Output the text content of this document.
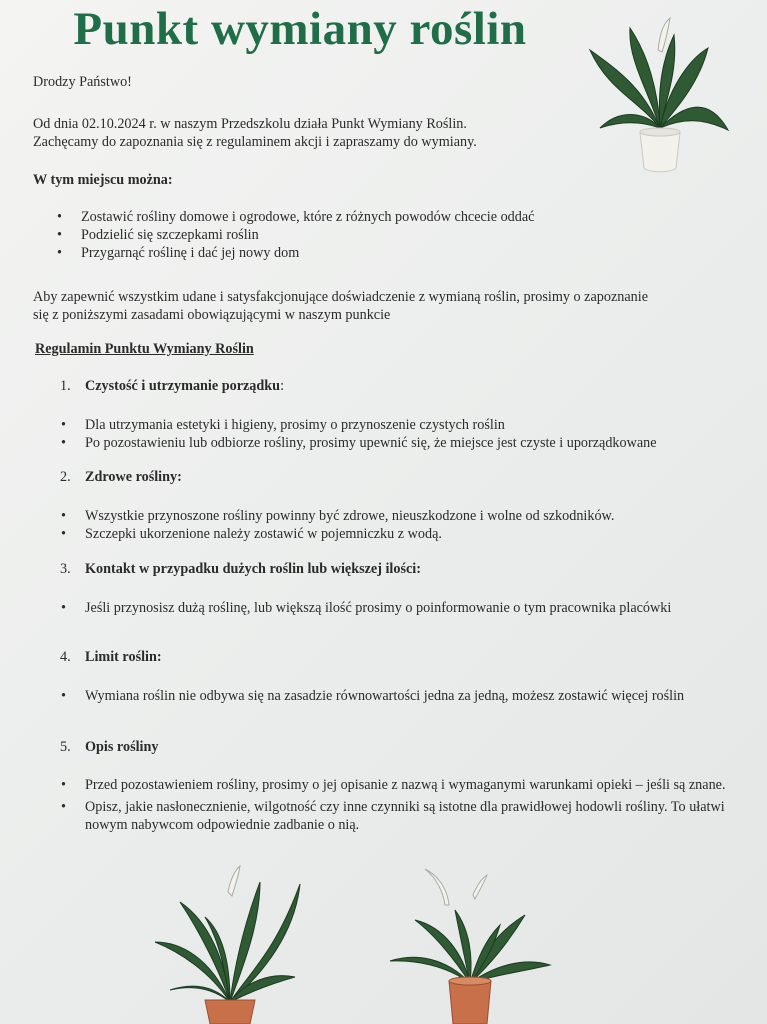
Punkt wymiany roślin

Drodzy Państwo!

Od dnia 02.10.2024 r. w naszym Przedszkolu działa Punkt Wymiany Roślin.

Zachęcamy do zapoznania się z regulaminem akcji i zapraszamy do wymiany.

W tym miejscu można:

• Zostawić rośliny domowe i ogrodowe, które z różnych powodów chcecie oddać
• Podzielić się szczepkami roślin
• Przygarnąć roślinę i dać jej nowy dom

Aby zapewnić wszystkim udane i satysfakcjonujące doświadczenie z wymianą roślin, prosimy o zapoznanie

się z poniższymi zasadami obowiązującymi w naszym punkcie

Regulamin Punktu Wymiany Roślin

1. Czystość i utrzymanie porządku:
• Dla utrzymania estetyki i higieny, prosimy o przynoszenie czystych roślin
• Po pozostawieniu lub odbiorze rośliny, prosimy upewnić się, że miejsce jest czyste i uporządkowane
2. Zdrowe rośliny:
• Wszystkie przynoszone rośliny powinny być zdrowe, nieuszkodzone i wolne od szkodników.
• Szczepki ukorzenione należy zostawić w pojemniczku z wodą.
3. Kontakt w przypadku dużych roślin lub większej ilości:
• Jeśli przynosisz dużą roślinę, lub większą ilość prosimy o poinformowanie o tym pracownika placówki
4. Limit roślin:
• Wymiana roślin nie odbywa się na zasadzie równowartości jedna za jedną, możesz zostawić więcej roślin
5. Opis rośliny
• Przed pozostawieniem rośliny, prosimy o jej opisanie z nazwą i wymaganymi warunkami opieki – jeśli są znane.
• Opisz, jakie nasłonecznienie, wilgotność czy inne czynniki są istotne dla prawidłowej hodowli rośliny. To ułatwi nowym nabywcom odpowiednie zadbanie o nią.
